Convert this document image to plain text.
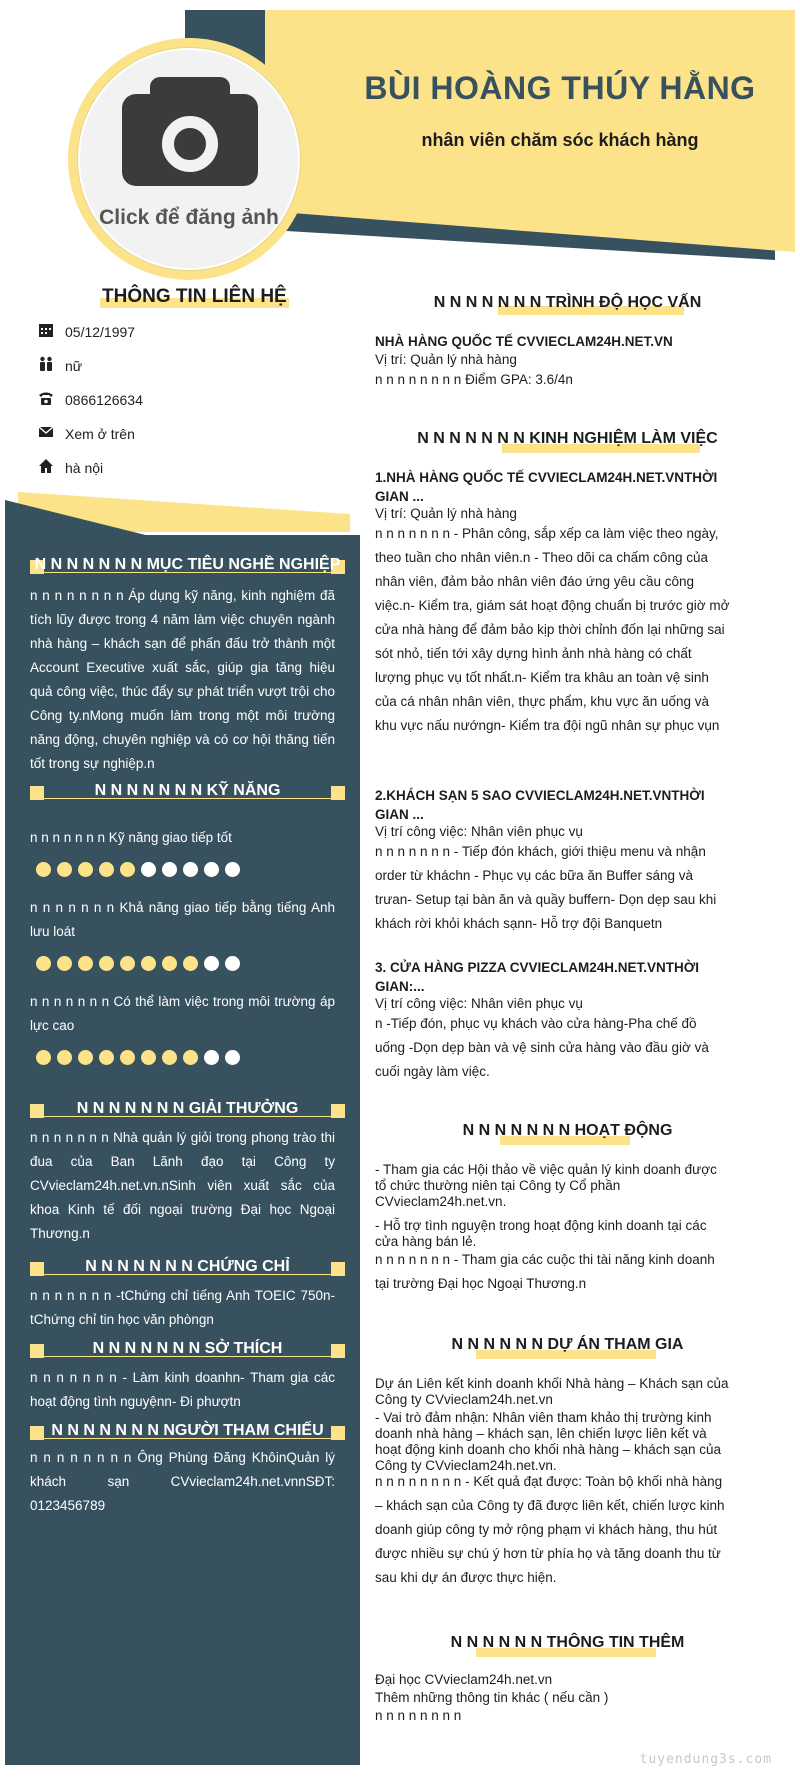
BÙI HOÀNG THÚY HẰNG
nhân viên chăm sóc khách hàng
Click để đăng ảnh
THÔNG TIN LIÊN HỆ
05/12/1997
nữ
0866126634
Xem ở trên
hà nội
N N N N N N N MỤC TIÊU NGHỀ NGHIỆP
n n n n n n n n Áp dụng kỹ năng, kinh nghiệm đã tích lũy được trong 4 năm làm việc chuyên ngành nhà hàng – khách sạn để phấn đấu trở thành một Account Executive xuất sắc, giúp gia tăng hiệu quả công việc, thúc đẩy sự phát triển vượt trội cho Công ty.nMong muốn làm trong một môi trường năng động, chuyên nghiệp và có cơ hội thăng tiến tốt trong sự nghiệp.n
N N N N N N N KỸ NĂNG
n n n n n n n Kỹ năng giao tiếp tốt
n n n n n n n Khả năng giao tiếp bằng tiếng Anh lưu loát
n n n n n n n Có thể làm việc trong môi trường áp lực cao
N N N N N N N GIẢI THƯỞNG
n n n n n n n Nhà quản lý giỏi trong phong trào thi đua của Ban Lãnh đạo tại Công ty CVvieclam24h.net.vn.nSinh viên xuất sắc của khoa Kinh tế đối ngoại trường Đại học Ngoại Thương.n
N N N N N N N CHỨNG CHỈ
n n n n n n n -tChứng chỉ tiếng Anh TOEIC 750n-tChứng chỉ tin học văn phòngn
N N N N N N N SỞ THÍCH
n n n n n n n - Làm kinh doanhn- Tham gia các hoạt động tình nguyệnn- Đi phượtn
N N N N N N N NGƯỜI THAM CHIẾU
n n n n n n n n Ông Phùng Đăng KhôinQuản lý khách sạn CVvieclam24h.net.vnnSĐT: 0123456789
N N N N N N N TRÌNH ĐỘ HỌC VẤN
NHÀ HÀNG QUỐC TẾ CVVIECLAM24H.NET.VN
Vị trí: Quản lý nhà hàng
n n n n n n n n Điểm GPA: 3.6/4n
N N N N N N N KINH NGHIỆM LÀM VIỆC
1.NHÀ HÀNG QUỐC TẾ CVVIECLAM24H.NET.VNTHỜI GIAN ...
Vị trí: Quản lý nhà hàng
n n n n n n n - Phân công, sắp xếp ca làm việc theo ngày, theo tuần cho nhân viên.n - Theo dõi ca chấm công của nhân viên, đảm bảo nhân viên đáo ứng yêu cầu công việc.n- Kiểm tra, giám sát hoạt động chuẩn bị trước giờ mở cửa nhà hàng để đảm bảo kịp thời chỉnh đốn lại những sai sót nhỏ, tiến tới xây dựng hình ảnh nhà hàng có chất lượng phục vụ tốt nhất.n- Kiểm tra khâu an toàn vệ sinh của cá nhân nhân viên, thực phẩm, khu vực ăn uống và khu vực nấu nướngn- Kiểm tra đội ngũ nhân sự phục vụn
2.KHÁCH SẠN 5 SAO CVVIECLAM24H.NET.VNTHỜI GIAN ...
Vị trí công việc: Nhân viên phục vụ
n n n n n n n - Tiếp đón khách, giới thiệu menu và nhận order từ kháchn - Phục vụ các bữa ăn Buffer sáng và trưan- Setup tại bàn ăn và quầy buffern- Dọn dẹp sau khi khách rời khỏi khách sạnn- Hỗ trợ đội Banquetn
3. CỬA HÀNG PIZZA CVVIECLAM24H.NET.VNTHỜI GIAN:...
Vị trí công việc: Nhân viên phục vụ
n -Tiếp đón, phục vụ khách vào cửa hàng-Pha chế đồ uống -Dọn dẹp bàn và vệ sinh cửa hàng vào đầu giờ và cuối ngày làm việc.
N N N N N N N HOẠT ĐỘNG
- Tham gia các Hội thảo về việc quản lý kinh doanh được tổ chức thường niên tại Công ty Cổ phần CVvieclam24h.net.vn.
- Hỗ trợ tình nguyện trong hoạt động kinh doanh tại các cửa hàng bán lẻ.
n n n n n n n - Tham gia các cuộc thi tài năng kinh doanh tại trường Đại học Ngoại Thương.n
N N N N N N DỰ ÁN THAM GIA
Dự án Liên kết kinh doanh khối Nhà hàng – Khách sạn của Công ty CVvieclam24h.net.vn
- Vai trò đảm nhận: Nhân viên tham khảo thị trường kinh doanh nhà hàng – khách sạn, lên chiến lược liên kết và hoạt động kinh doanh cho khối nhà hàng – khách sạn của Công ty CVvieclam24h.net.vn.
n n n n n n n n - Kết quả đạt được: Toàn bộ khối nhà hàng – khách sạn của Công ty đã được liên kết, chiến lược kinh doanh giúp công ty mở rộng phạm vi khách hàng, thu hút được nhiều sự chú ý hơn từ phía họ và tăng doanh thu từ sau khi dự án được thực hiện.
N N N N N N THÔNG TIN THÊM
Đại học CVvieclam24h.net.vn
Thêm những thông tin khác ( nếu cần )
n n n n n n n n
tuyendung3s.com
